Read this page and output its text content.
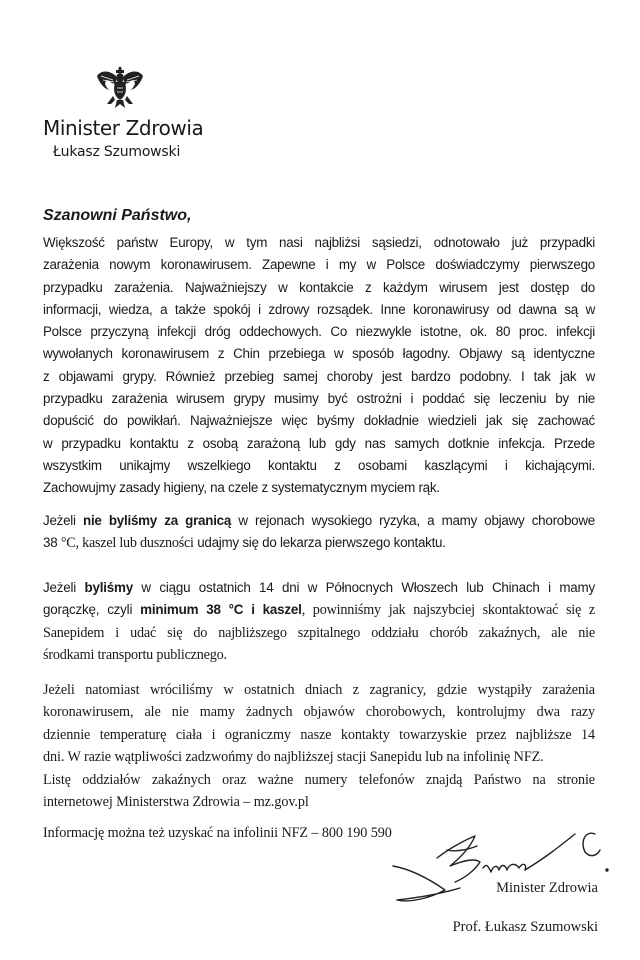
Minister Zdrowia
Łukasz Szumowski
Szanowni Państwo,
Większość państw Europy, w tym nasi najbliżsi sąsiedzi, odnotowało już przypadki
zarażenia nowym koronawirusem. Zapewne i my w Polsce doświadczymy pierwszego
przypadku zarażenia. Najważniejszy w kontakcie z każdym wirusem jest dostęp do
informacji, wiedza, a także spokój i zdrowy rozsądek. Inne koronawirusy od dawna są w
Polsce przyczyną infekcji dróg oddechowych. Co niezwykle istotne, ok. 80 proc. infekcji
wywołanych koronawirusem z Chin przebiega w sposób łagodny. Objawy są identyczne
z objawami grypy. Również przebieg samej choroby jest bardzo podobny. I tak jak w
przypadku zarażenia wirusem grypy musimy być ostrożni i poddać się leczeniu by nie
dopuścić do powikłań. Najważniejsze więc byśmy dokładnie wiedzieli jak się zachować
w przypadku kontaktu z osobą zarażoną lub gdy nas samych dotknie infekcja. Przede
wszystkim unikajmy wszelkiego kontaktu z osobami kaszlącymi i kichającymi.
Zachowujmy zasady higieny, na czele z systematycznym myciem rąk.
Jeżeli nie byliśmy za granicą w rejonach wysokiego ryzyka, a mamy objawy chorobowe
38 °C, kaszel lub duszności udajmy się do lekarza pierwszego kontaktu.
Jeżeli byliśmy w ciągu ostatnich 14 dni w Północnych Włoszech lub Chinach i mamy
gorączkę, czyli minimum 38 °C i kaszel, powinniśmy jak najszybciej skontaktować się z
Sanepidem i udać się do najbliższego szpitalnego oddziału chorób zakaźnych, ale nie
środkami transportu publicznego.
Jeżeli natomiast wróciliśmy w ostatnich dniach z zagranicy, gdzie wystąpiły zarażenia
koronawirusem, ale nie mamy żadnych objawów chorobowych, kontrolujmy dwa razy
dziennie temperaturę ciała i ograniczmy nasze kontakty towarzyskie przez najbliższe 14
dni. W razie wątpliwości zadzwońmy do najbliższej stacji Sanepidu lub na infolinię NFZ.
Listę oddziałów zakaźnych oraz ważne numery telefonów znajdą Państwo na stronie
internetowej Ministerstwa Zdrowia – mz.gov.pl
Informację można też uzyskać na infolinii NFZ – 800 190 590
Minister Zdrowia
Prof. Łukasz Szumowski
